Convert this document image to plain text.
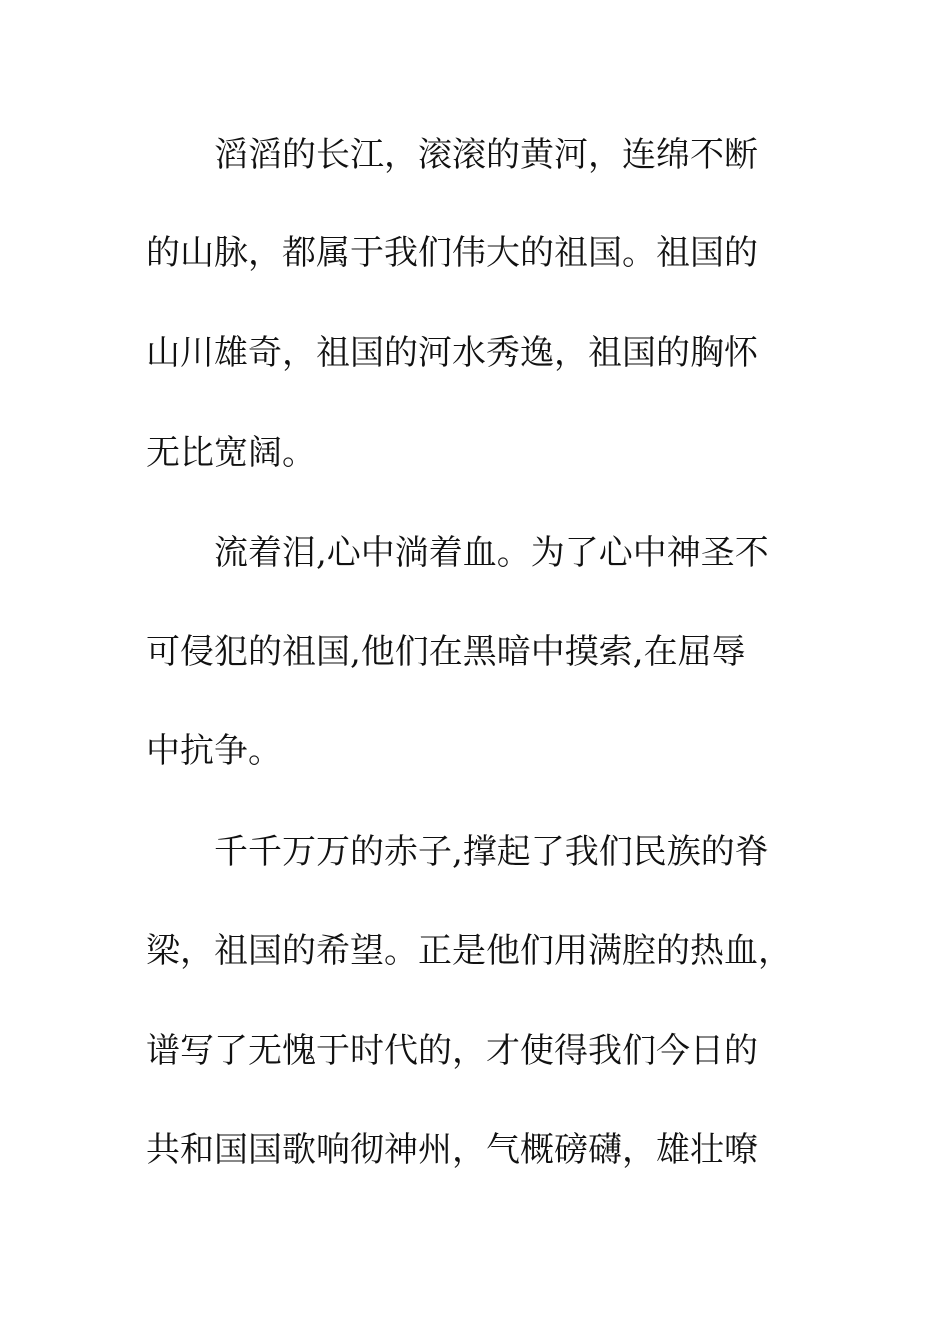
　　滔滔的长江，滚滚的黄河，连绵不断
的山脉，都属于我们伟大的祖国。祖国的
山川雄奇，祖国的河水秀逸，祖国的胸怀
无比宽阔。
　　流着泪,心中淌着血。为了心中神圣不
可侵犯的祖国,他们在黑暗中摸索,在屈辱
中抗争。
　　千千万万的赤子,撑起了我们民族的脊
梁，祖国的希望。正是他们用满腔的热血，
谱写了无愧于时代的，才使得我们今日的
共和国国歌响彻神州，气概磅礴，雄壮嘹
